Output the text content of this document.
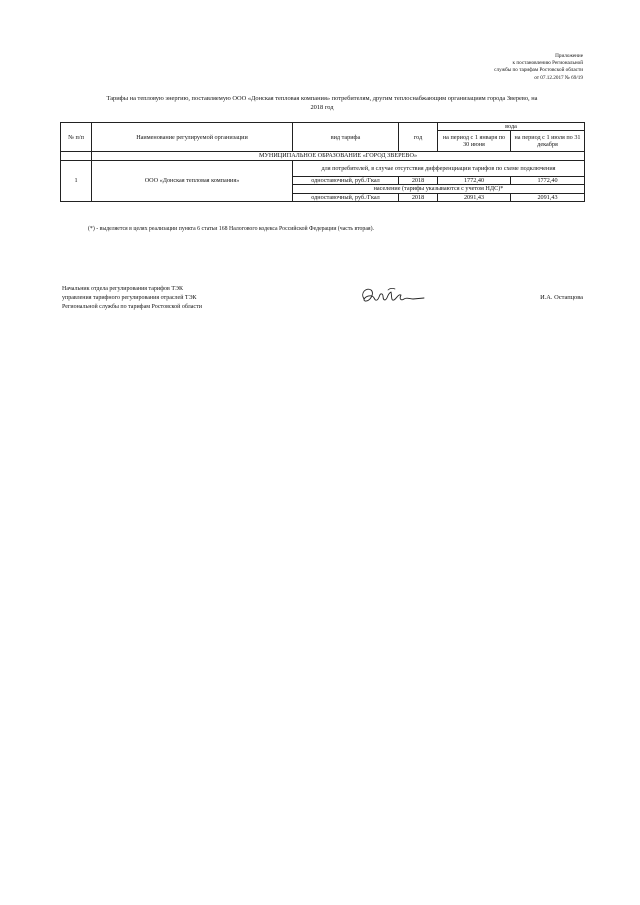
Приложение
к постановлению Региональной
службы по тарифам Ростовской области
от 07.12.2017 № 69/19
Тарифы на тепловую энергию, поставляемую ООО «Донская тепловая компания» потребителям, другим теплоснабжающим организациям города Зверево, на
2018 год
№ п/п	Наименование регулируемой организации	вид тарифа	год	вода	
				на период с 1 января по 30 июня	на период с 1 июля по 31 декабря
	МУНИЦИПАЛЬНОЕ ОБРАЗОВАНИЕ «ГОРОД ЗВЕРЕВО»				
1	ООО «Донская тепловая компания»	для потребителей, в случае отсутствия дифференциации тарифов по схеме подключения			
		одноставочный, руб./Гкал	2018	1772,40	1772,40
		население (тарифы указываются с учетом НДС)*			
		одноставочный, руб./Гкал	2018	2091,43	2091,43
(*) - выделяется в целях реализации пункта 6 статьи 168 Налогового кодекса Российской Федерации (часть вторая).
Начальник отдела регулирования тарифов ТЭК
управления тарифного регулирования отраслей ТЭК
Региональной службы по тарифам Ростовской области
И.А. Остапцова
